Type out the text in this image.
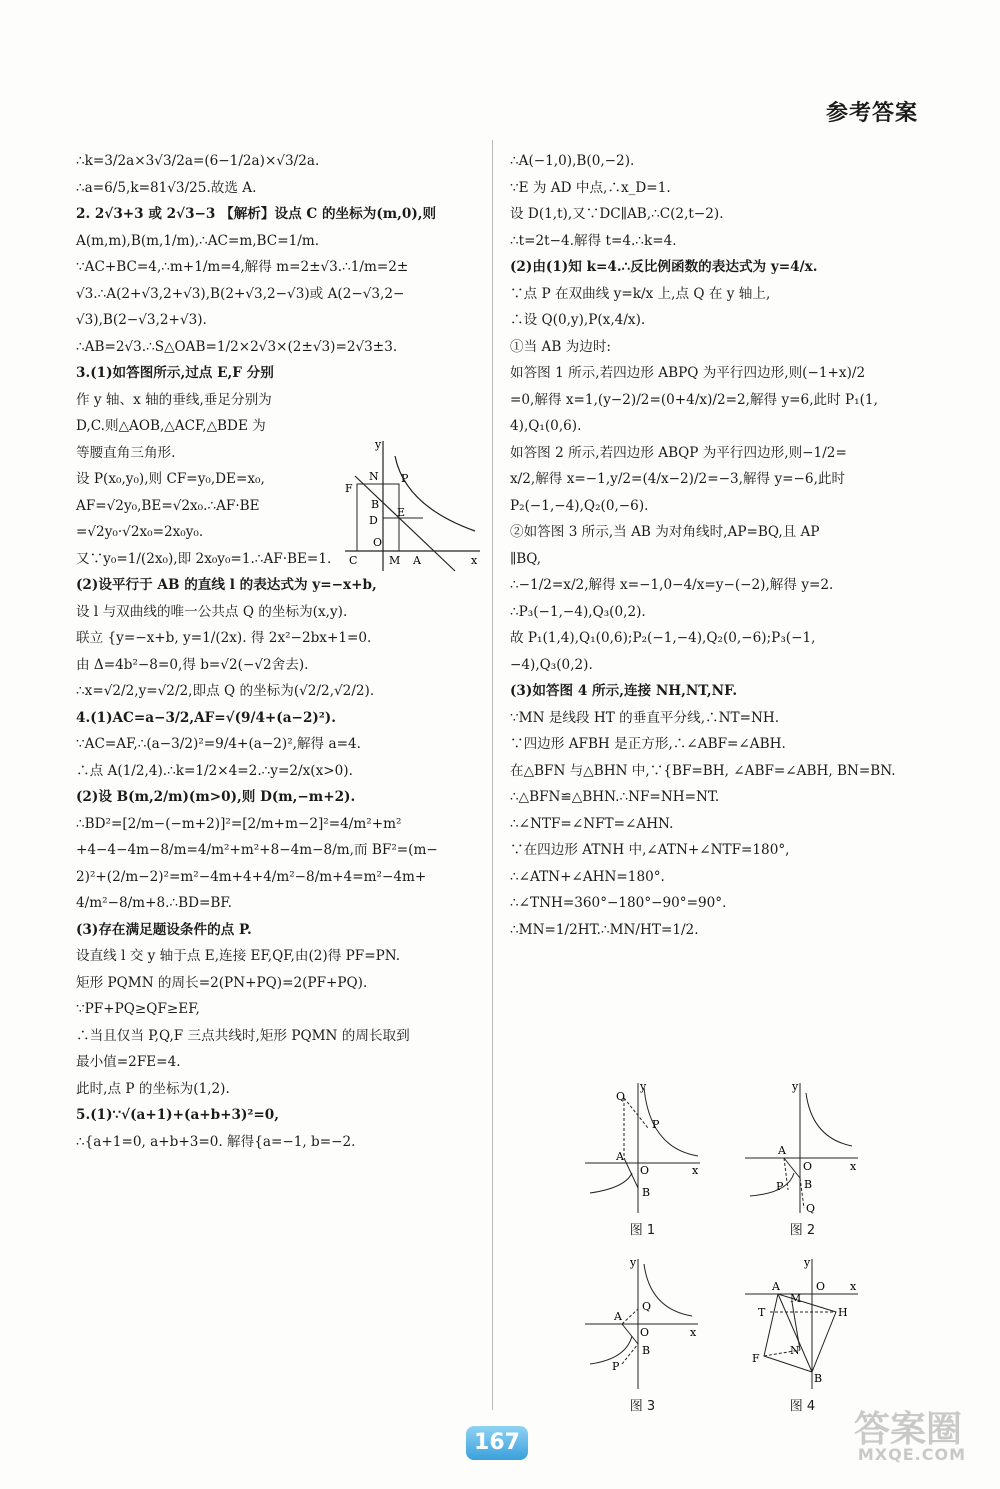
参考答案

∴k=3/2a×3√3/2a=(6−1/2a)×√3/2a.

∴a=6/5,k=81√3/25.故选 A.

2. 2√3+3 或 2√3−3 【解析】设点 C 的坐标为(m,0),则

A(m,m),B(m,1/m),∴AC=m,BC=1/m.

∵AC+BC=4,∴m+1/m=4,解得 m=2±√3.∴1/m=2±

√3.∴A(2+√3,2+√3),B(2+√3,2−√3)或 A(2−√3,2−

√3),B(2−√3,2+√3).

∴AB=2√3.∴S△OAB=1/2×2√3×(2±√3)=2√3±3.

3.(1)如答图所示,过点 E,F 分别

作 y 轴、x 轴的垂线,垂足分别为

D,C.则△AOB,△ACF,△BDE 为

等腰直角三角形.

设 P(x₀,y₀),则 CF=y₀,DE=x₀,

AF=√2y₀,BE=√2x₀.∴AF·BE

=√2y₀·√2x₀=2x₀y₀.

又∵y₀=1/(2x₀),即 2x₀y₀=1.∴AF·BE=1.

(2)设平行于 AB 的直线 l 的表达式为 y=−x+b,

设 l 与双曲线的唯一公共点 Q 的坐标为(x,y).

联立 {y=−x+b, y=1/(2x). 得 2x²−2bx+1=0.

由 Δ=4b²−8=0,得 b=√2(−√2舍去).

∴x=√2/2,y=√2/2,即点 Q 的坐标为(√2/2,√2/2).

4.(1)AC=a−3/2,AF=√(9/4+(a−2)²).

∵AC=AF,∴(a−3/2)²=9/4+(a−2)²,解得 a=4.

∴点 A(1/2,4).∴k=1/2×4=2.∴y=2/x(x>0).

(2)设 B(m,2/m)(m>0),则 D(m,−m+2).

∴BD²=[2/m−(−m+2)]²=[2/m+m−2]²=4/m²+m²

+4−4−4m−8/m=4/m²+m²+8−4m−8/m,而 BF²=(m−

2)²+(2/m−2)²=m²−4m+4+4/m²−8/m+4=m²−4m+

4/m²−8/m+8.∴BD=BF.

(3)存在满足题设条件的点 P.

设直线 l 交 y 轴于点 E,连接 EF,QF,由(2)得 PF=PN.

矩形 PQMN 的周长=2(PN+PQ)=2(PF+PQ).

∵PF+PQ≥QF≥EF,

∴当且仅当 P,Q,F 三点共线时,矩形 PQMN 的周长取到

最小值=2FE=4.

此时,点 P 的坐标为(1,2).

5.(1)∵√(a+1)+(a+b+3)²=0,

∴{a+1=0, a+b+3=0. 解得{a=−1, b=−2.

∴A(−1,0),B(0,−2).

∵E 为 AD 中点,∴x_D=1.

设 D(1,t),又∵DC∥AB,∴C(2,t−2).

∴t=2t−4.解得 t=4.∴k=4.

(2)由(1)知 k=4.∴反比例函数的表达式为 y=4/x.

∵点 P 在双曲线 y=k/x 上,点 Q 在 y 轴上,

∴设 Q(0,y),P(x,4/x).

①当 AB 为边时:

如答图 1 所示,若四边形 ABPQ 为平行四边形,则(−1+x)/2

=0,解得 x=1,(y−2)/2=(0+4/x)/2=2,解得 y=6,此时 P₁(1,

4),Q₁(0,6).

如答图 2 所示,若四边形 ABQP 为平行四边形,则−1/2=

x/2,解得 x=−1,y/2=(4/x−2)/2=−3,解得 y=−6,此时

P₂(−1,−4),Q₂(0,−6).

②如答图 3 所示,当 AB 为对角线时,AP=BQ,且 AP

∥BQ,

∴−1/2=x/2,解得 x=−1,0−4/x=y−(−2),解得 y=2.

∴P₃(−1,−4),Q₃(0,2).

故 P₁(1,4),Q₁(0,6);P₂(−1,−4),Q₂(0,−6);P₃(−1,

−4),Q₃(0,2).

(3)如答图 4 所示,连接 NH,NT,NF.

∵MN 是线段 HT 的垂直平分线,∴NT=NH.

∵四边形 AFBH 是正方形,∴∠ABF=∠ABH.

在△BFN 与△BHN 中,∵{BF=BH, ∠ABF=∠ABH, BN=BN.

∴△BFN≌△BHN.∴NF=NH=NT.

∴∠NTF=∠NFT=∠AHN.

∵在四边形 ATNH 中,∠ATN+∠NTF=180°,

∴∠ATN+∠AHN=180°.

∴∠TNH=360°−180°−90°=90°.

∴MN=1/2HT.∴MN/HT=1/2.

y
N P
F
B
D
E
C
O
M A	x
y
Q
P
A
O	x
B
图 1
y
A
O	x
P B
Q
图 2
y
A
Q
O	x
P
B
图 3
y
A	O x
T
M
H
F
N
B
图 4
167	答案圈
MXQE.COM
